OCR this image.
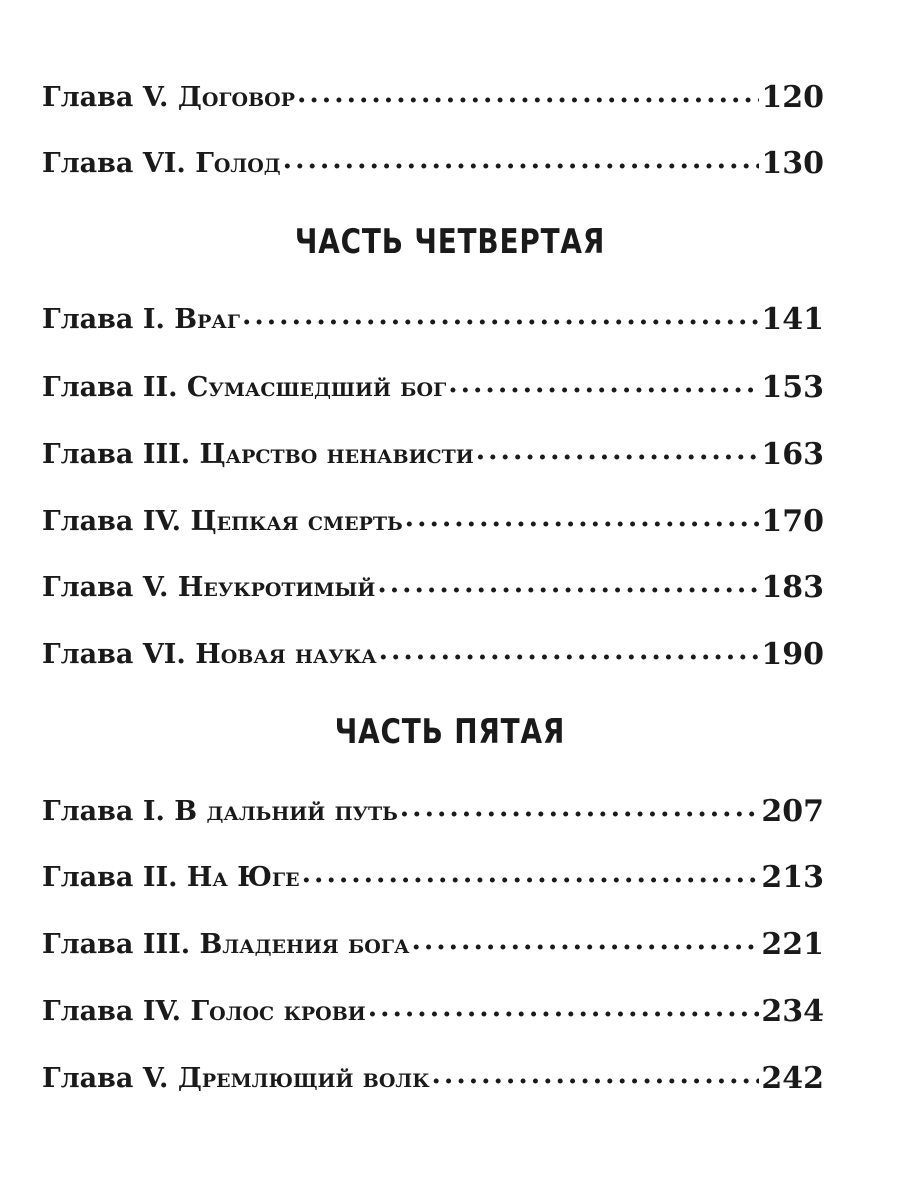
Глава V. Договор .....	120
Глава VI. Голод .....	130
ЧАСТЬ ЧЕТВЕРТАЯ
Глава I. Враг .....	141
Глава II. Сумасшедший бог .....	153
Глава III. Царство ненависти .....	163
Глава IV. Цепкая смерть .....	170
Глава V. Неукротимый .....	183
Глава VI. Новая наука .....	190
ЧАСТЬ ПЯТАЯ
Глава I. В дальний путь .....	207
Глава II. На Юге .....	213
Глава III. Владения бога .....	221
Глава IV. Голос крови .....	234
Глава V. Дремлющий волк .....	242
